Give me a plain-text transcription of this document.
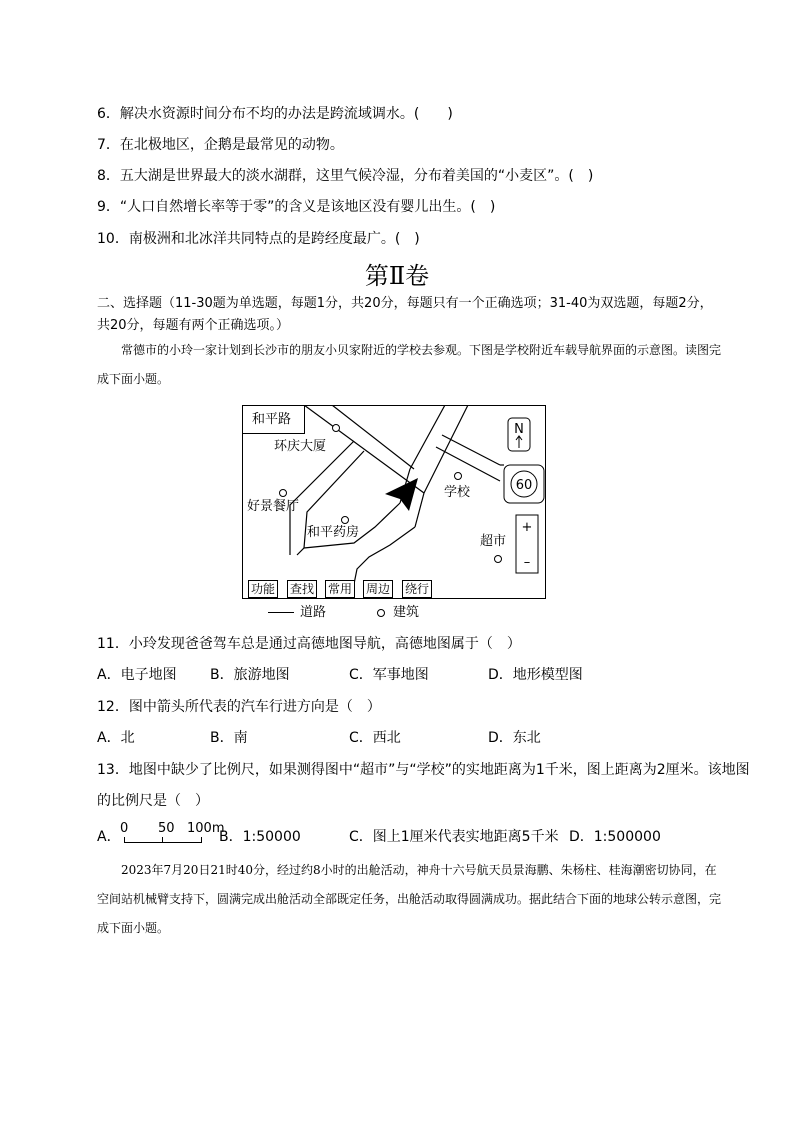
6．解决水资源时间分布不均的办法是跨流域调水。(　　)
7．在北极地区，企鹅是最常见的动物。
8．五大湖是世界最大的淡水湖群，这里气候冷湿，分布着美国的“小麦区”。(　)
9．“人口自然增长率等于零”的含义是该地区没有婴儿出生。(　)
10．南极洲和北冰洋共同特点的是跨经度最广。(　)
第Ⅱ卷
二、选择题（11-30题为单选题，每题1分，共20分，每题只有一个正确选项；31-40为双选题，每题2分，共20分，每题有两个正确选项。）
常德市的小玲一家计划到长沙市的朋友小贝家附近的学校去参观。下图是学校附近车载导航界面的示意图。读图完成下面小题。
N
60
+
–
和平路
环庆大厦
好景餐厅
和平药房
学校
超市
功能 查找 常用 周边 绕行
道路	建筑
11．小玲发现爸爸驾车总是通过高德地图导航，高德地图属于（　）
A．电子地图 B．旅游地图	C．军事地图	D．地形模型图
12．图中箭头所代表的汽车行进方向是（　）
A．北	B．南	C．西北	D．东北
13．地图中缺少了比例尺，如果测得图中“超市”与“学校”的实地距离为1千米，图上距离为2厘米。该地图
的比例尺是（　）
A．
0 50 100m
B．1:50000	C．图上1厘米代表实地距离5千米 D．1:500000
2023年7月20日21时40分，经过约8小时的出舱活动，神舟十六号航天员景海鹏、朱杨柱、桂海潮密切协同，在空间站机械臂支持下，圆满完成出舱活动全部既定任务，出舱活动取得圆满成功。据此结合下面的地球公转示意图，完成下面小题。
